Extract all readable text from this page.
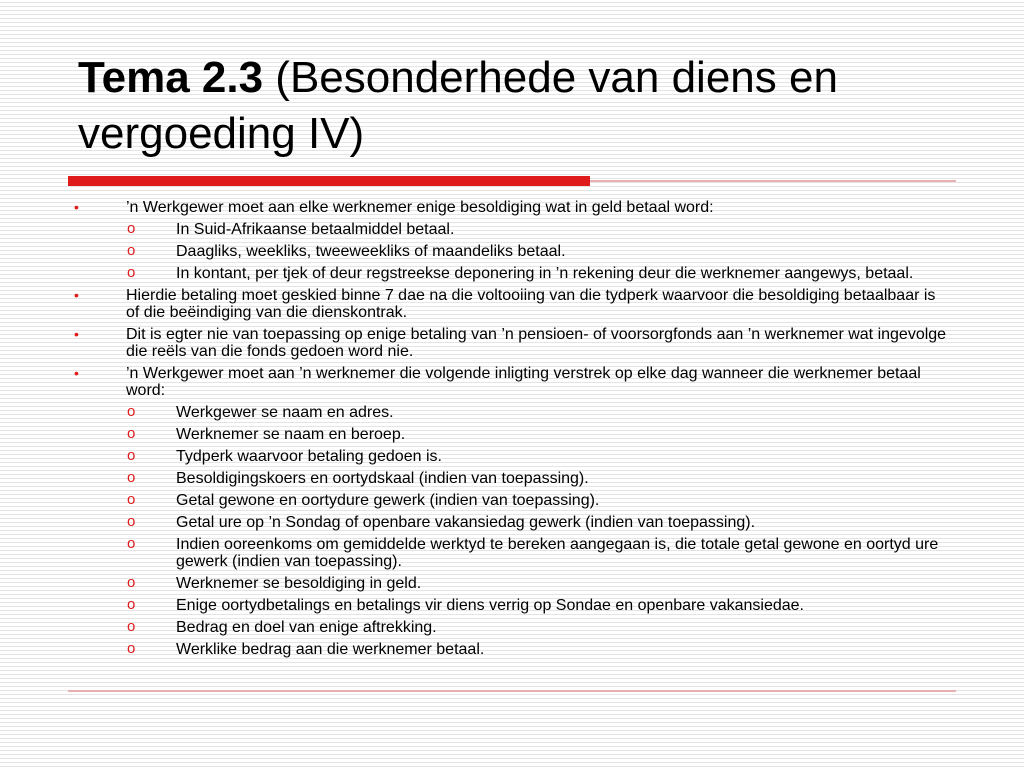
Tema 2.3 (Besonderhede van diens en vergoeding IV)
•	’n Werkgewer moet aan elke werknemer enige besoldiging wat in geld betaal word:
o	In Suid-Afrikaanse betaalmiddel betaal.
o	Daagliks, weekliks, tweeweekliks of maandeliks betaal.
o	In kontant, per tjek of deur regstreekse deponering in ’n rekening deur die werknemer aangewys, betaal.
•	Hierdie betaling moet geskied binne 7 dae na die voltooiing van die tydperk waarvoor die besoldiging betaalbaar is of die beëindiging van die dienskontrak.
•	Dit is egter nie van toepassing op enige betaling van ’n pensioen- of voorsorgfonds aan ’n werknemer wat ingevolge die reëls van die fonds gedoen word nie.
•	’n Werkgewer moet aan ’n werknemer die volgende inligting verstrek op elke dag wanneer die werknemer betaal word:
o	Werkgewer se naam en adres.
o	Werknemer se naam en beroep.
o	Tydperk waarvoor betaling gedoen is.
o	Besoldigingskoers en oortydskaal (indien van toepassing).
o	Getal gewone en oortydure gewerk (indien van toepassing).
o	Getal ure op ’n Sondag of openbare vakansiedag gewerk (indien van toepassing).
o	Indien ooreenkoms om gemiddelde werktyd te bereken aangegaan is, die totale getal gewone en oortyd ure gewerk (indien van toepassing).
o	Werknemer se besoldiging in geld.
o	Enige oortydbetalings en betalings vir diens verrig op Sondae en openbare vakansiedae.
o	Bedrag en doel van enige aftrekking.
o	Werklike bedrag aan die werknemer betaal.
